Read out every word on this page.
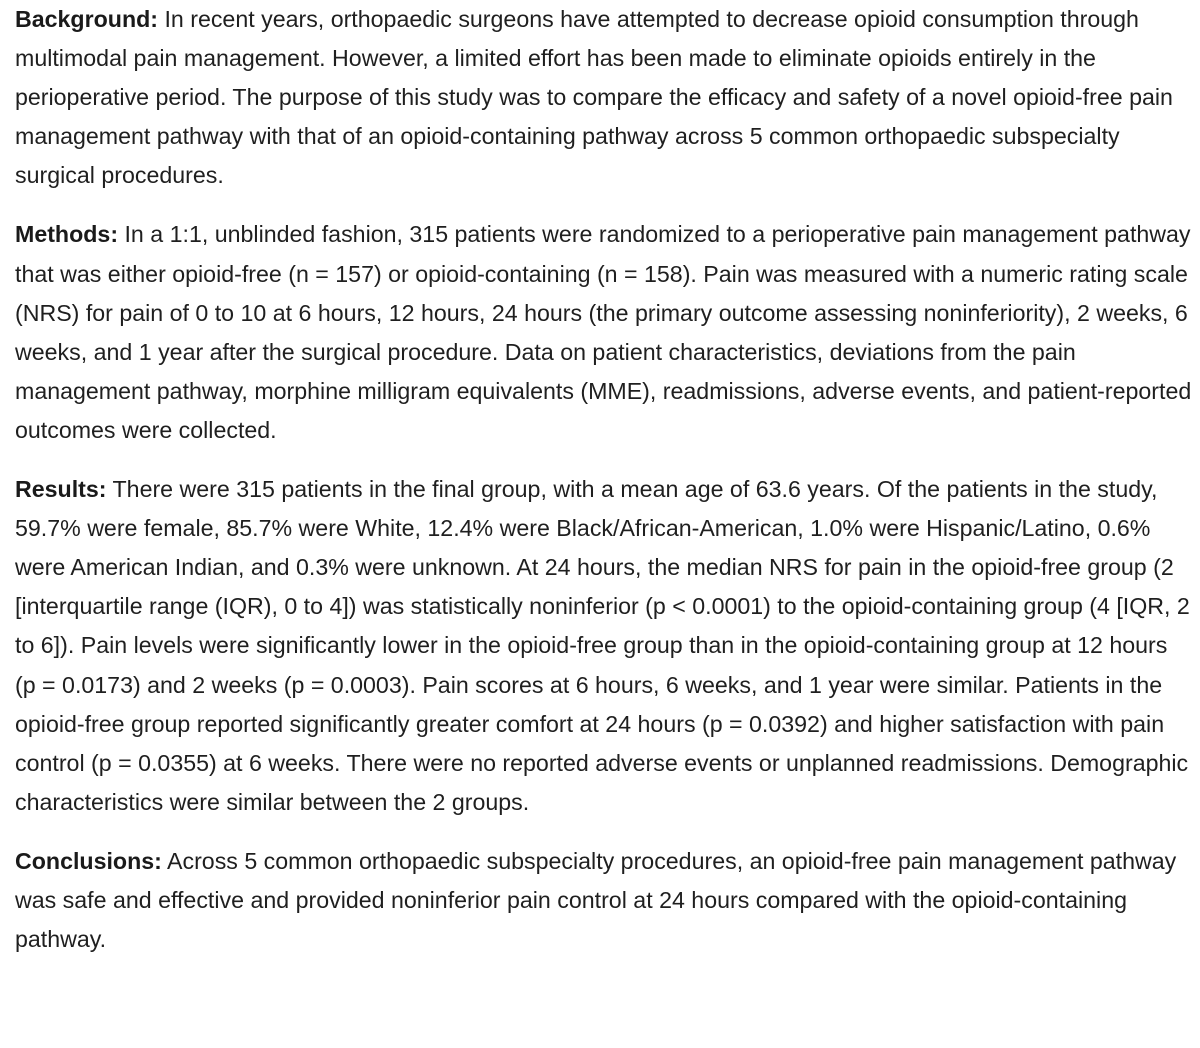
Background: In recent years, orthopaedic surgeons have attempted to decrease opioid consumption through multimodal pain management. However, a limited effort has been made to eliminate opioids entirely in the perioperative period. The purpose of this study was to compare the efficacy and safety of a novel opioid-free pain management pathway with that of an opioid-containing pathway across 5 common orthopaedic subspecialty surgical procedures.

Methods: In a 1:1, unblinded fashion, 315 patients were randomized to a perioperative pain management pathway that was either opioid-free (n = 157) or opioid-containing (n = 158). Pain was measured with a numeric rating scale (NRS) for pain of 0 to 10 at 6 hours, 12 hours, 24 hours (the primary outcome assessing noninferiority), 2 weeks, 6 weeks, and 1 year after the surgical procedure. Data on patient characteristics, deviations from the pain management pathway, morphine milligram equivalents (MME), readmissions, adverse events, and patient-reported outcomes were collected.

Results: There were 315 patients in the final group, with a mean age of 63.6 years. Of the patients in the study, 59.7% were female, 85.7% were White, 12.4% were Black/African-American, 1.0% were Hispanic/Latino, 0.6% were American Indian, and 0.3% were unknown. At 24 hours, the median NRS for pain in the opioid-free group (2 [interquartile range (IQR), 0 to 4]) was statistically noninferior (p < 0.0001) to the opioid-containing group (4 [IQR, 2 to 6]). Pain levels were significantly lower in the opioid-free group than in the opioid-containing group at 12 hours (p = 0.0173) and 2 weeks (p = 0.0003). Pain scores at 6 hours, 6 weeks, and 1 year were similar. Patients in the opioid-free group reported significantly greater comfort at 24 hours (p = 0.0392) and higher satisfaction with pain control (p = 0.0355) at 6 weeks. There were no reported adverse events or unplanned readmissions. Demographic characteristics were similar between the 2 groups.

Conclusions: Across 5 common orthopaedic subspecialty procedures, an opioid-free pain management pathway was safe and effective and provided noninferior pain control at 24 hours compared with the opioid-containing pathway.
